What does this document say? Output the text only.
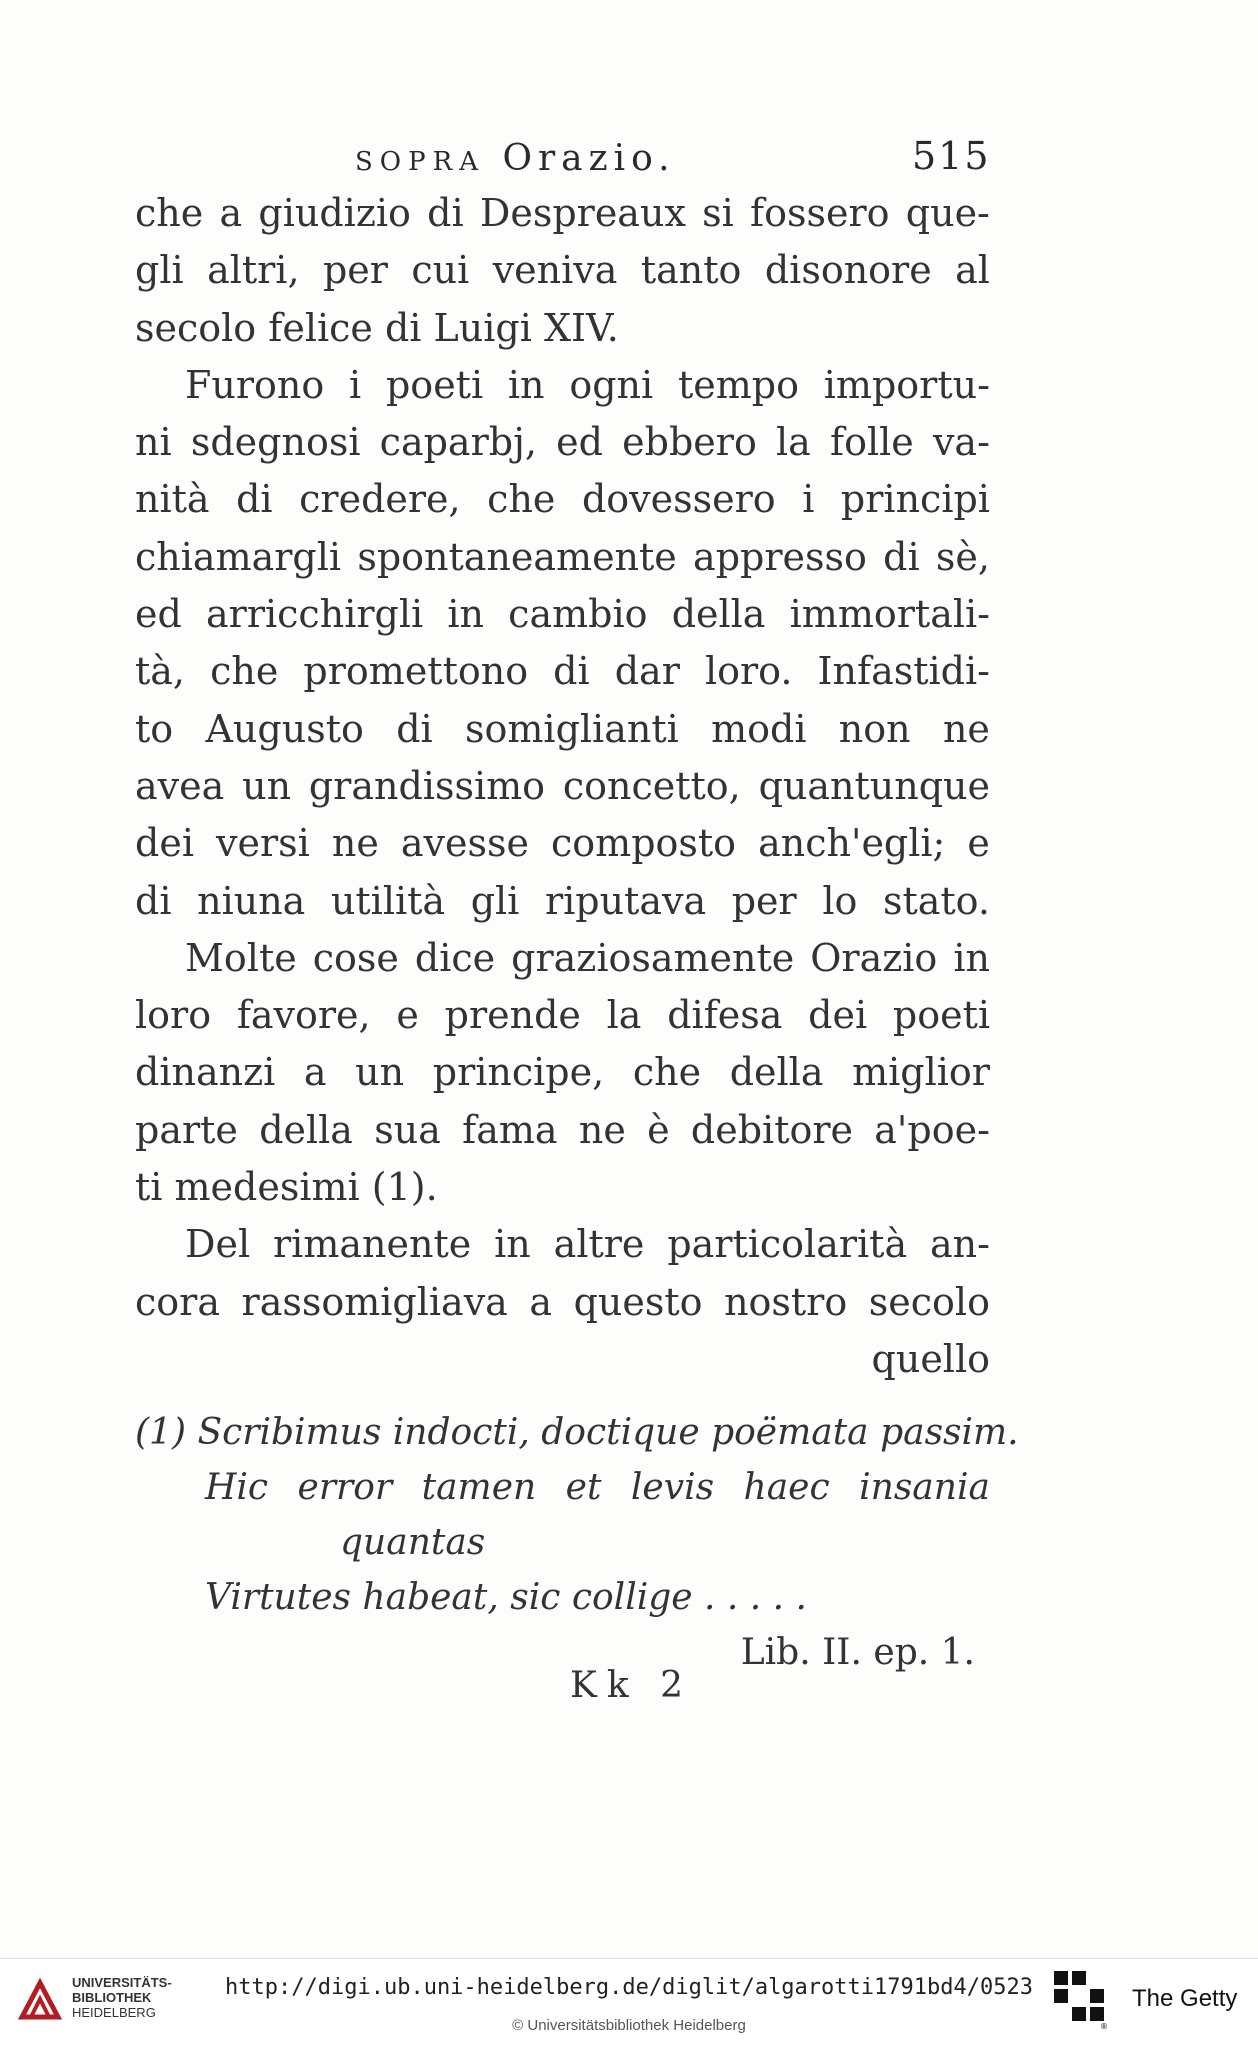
SOPRA Orazio.	515
che a giudizio di Despreaux si fossero que-
gli altri, per cui veniva tanto disonore al
secolo felice di Luigi XIV.
Furono i poeti in ogni tempo importu-
ni sdegnosi caparbj, ed ebbero la folle va-
nità di credere, che dovessero i principi
chiamargli spontaneamente appresso di sè,
ed arricchirgli in cambio della immortali-
tà, che promettono di dar loro. Infastidi-
to Augusto di somiglianti modi non ne
avea un grandissimo concetto, quantunque
dei versi ne avesse composto anch'egli; e
di niuna utilità gli riputava per lo stato.
Molte cose dice graziosamente Orazio in
loro favore, e prende la difesa dei poeti
dinanzi a un principe, che della miglior
parte della sua fama ne è debitore a'poe-
ti medesimi (1).
Del rimanente in altre particolarità an-
cora rassomigliava a questo nostro secolo
quello
(1) Scribimus indocti, doctique poëmata passim.
Hic error tamen et levis haec insania
quantas
Virtutes habeat, sic collige . . . . .
Lib. II. ep. 1.
Kk 2
UNIVERSITÄTS-
BIBLIOTHEK
HEIDELBERG
http://digi.ub.uni-heidelberg.de/diglit/algarotti1791bd4/0523
© Universitätsbibliothek Heidelberg	®
The Getty
